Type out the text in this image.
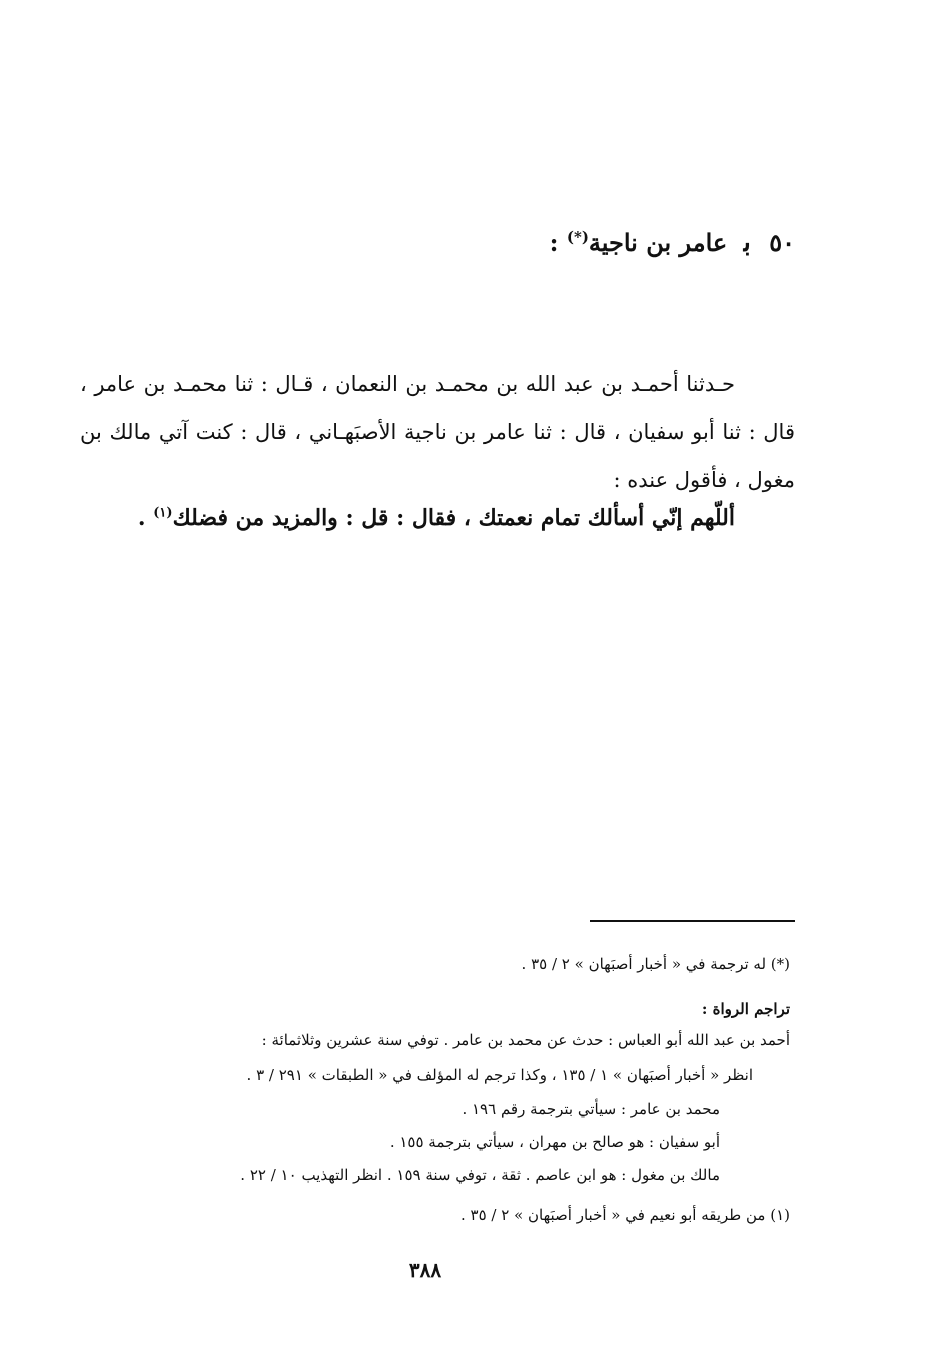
٥٠ ﺑ عامر بن ناجية(*) :

حـدثنا أحمـد بن عبد الله بن محمـد بن النعمان ، قـال : ثنا محمـد بن عامر ، قال : ثنا أبو سفيان ، قال : ثنا عامر بن ناجية الأصبَهـاني ، قال : كنت آتي مالك بن مغول ، فأقول عنده :

أللّهم إنّي أسألك تمام نعمتك ، فقال : قل : والمزيد من فضلك$^{(١)}$ .
(*) له ترجمة في « أخبار أصبَهان » ٢ / ٣٥ .
تراجم الرواة :
أحمد بن عبد الله أبو العباس : حدث عن محمد بن عامر . توفي سنة عشرين وثلاثمائة :
انظر « أخبار أصبَهان » ١ / ١٣٥ ، وكذا ترجم له المؤلف في « الطبقات » ٢٩١ / ٣ .
محمد بن عامر : سيأتي بترجمة رقم ١٩٦ .
أبو سفيان : هو صالح بن مهران ، سيأتي بترجمة ١٥٥ .
مالك بن مغول : هو ابن عاصم . ثقة ، توفي سنة ١٥٩ . انظر التهذيب ١٠ / ٢٢ .
(١) من طريقه أبو نعيم في « أخبار أصبَهان » ٢ / ٣٥ .
٣٨٨
